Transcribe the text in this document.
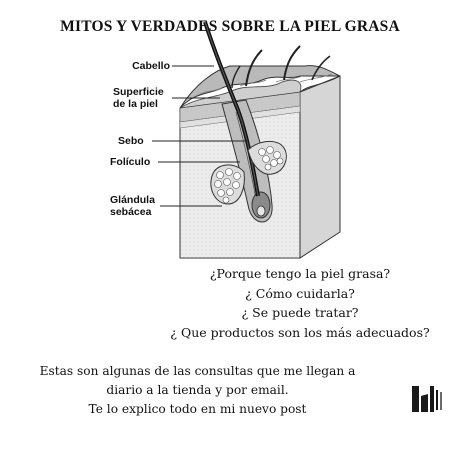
MITOS Y VERDADES SOBRE LA PIEL GRASA
Cabello
Superficie
de la piel
Sebo
Folículo
Glándula
sebácea
¿Porque tengo la piel grasa?
¿ Cómo cuidarla?
¿ Se puede tratar?
¿ Que productos son los más adecuados?
Estas son algunas de las consultas que me llegan a
diario a la tienda y por email.
Te lo explico todo en mi nuevo post
